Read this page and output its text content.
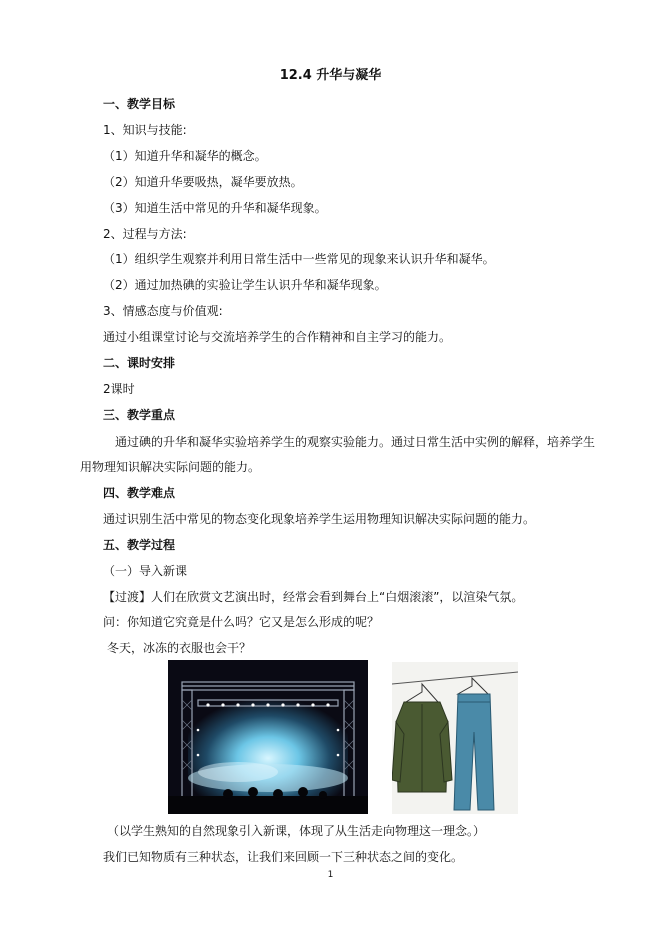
12.4 升华与凝华
一、教学目标
1、知识与技能:
（1）知道升华和凝华的概念。
（2）知道升华要吸热，凝华要放热。
（3）知道生活中常见的升华和凝华现象。
2、过程与方法:
（1）组织学生观察并利用日常生活中一些常见的现象来认识升华和凝华。
（2）通过加热碘的实验让学生认识升华和凝华现象。
3、情感态度与价值观:
通过小组课堂讨论与交流培养学生的合作精神和自主学习的能力。
二、课时安排
2课时
三、教学重点
通过碘的升华和凝华实验培养学生的观察实验能力。通过日常生活中实例的解释，培养学生
用物理知识解决实际问题的能力。
四、教学难点
通过识别生活中常见的物态变化现象培养学生运用物理知识解决实际问题的能力。
五、教学过程
（一）导入新课
【过渡】人们在欣赏文艺演出时，经常会看到舞台上“白烟滚滚”，以渲染气氛。
问：你知道它究竟是什么吗？它又是怎么形成的呢？
冬天，冰冻的衣服也会干？
（以学生熟知的自然现象引入新课，体现了从生活走向物理这一理念。）
我们已知物质有三种状态，让我们来回顾一下三种状态之间的变化。
1
